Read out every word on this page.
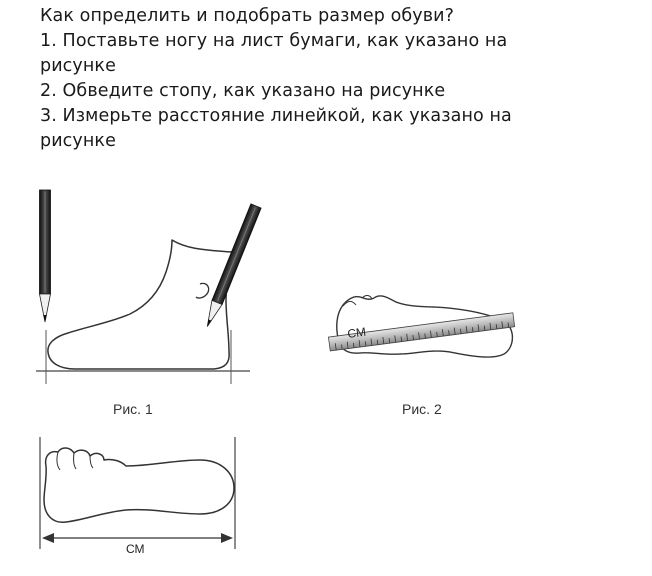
Как определить и подобрать размер обуви?

1. Поставьте ногу на лист бумаги, как указано на

рисунке

2. Обведите стопу, как указано на рисунке

3. Измерьте расстояние линейкой, как указано на

рисунке

Рис. 1
СМ
Рис. 2
СМ
